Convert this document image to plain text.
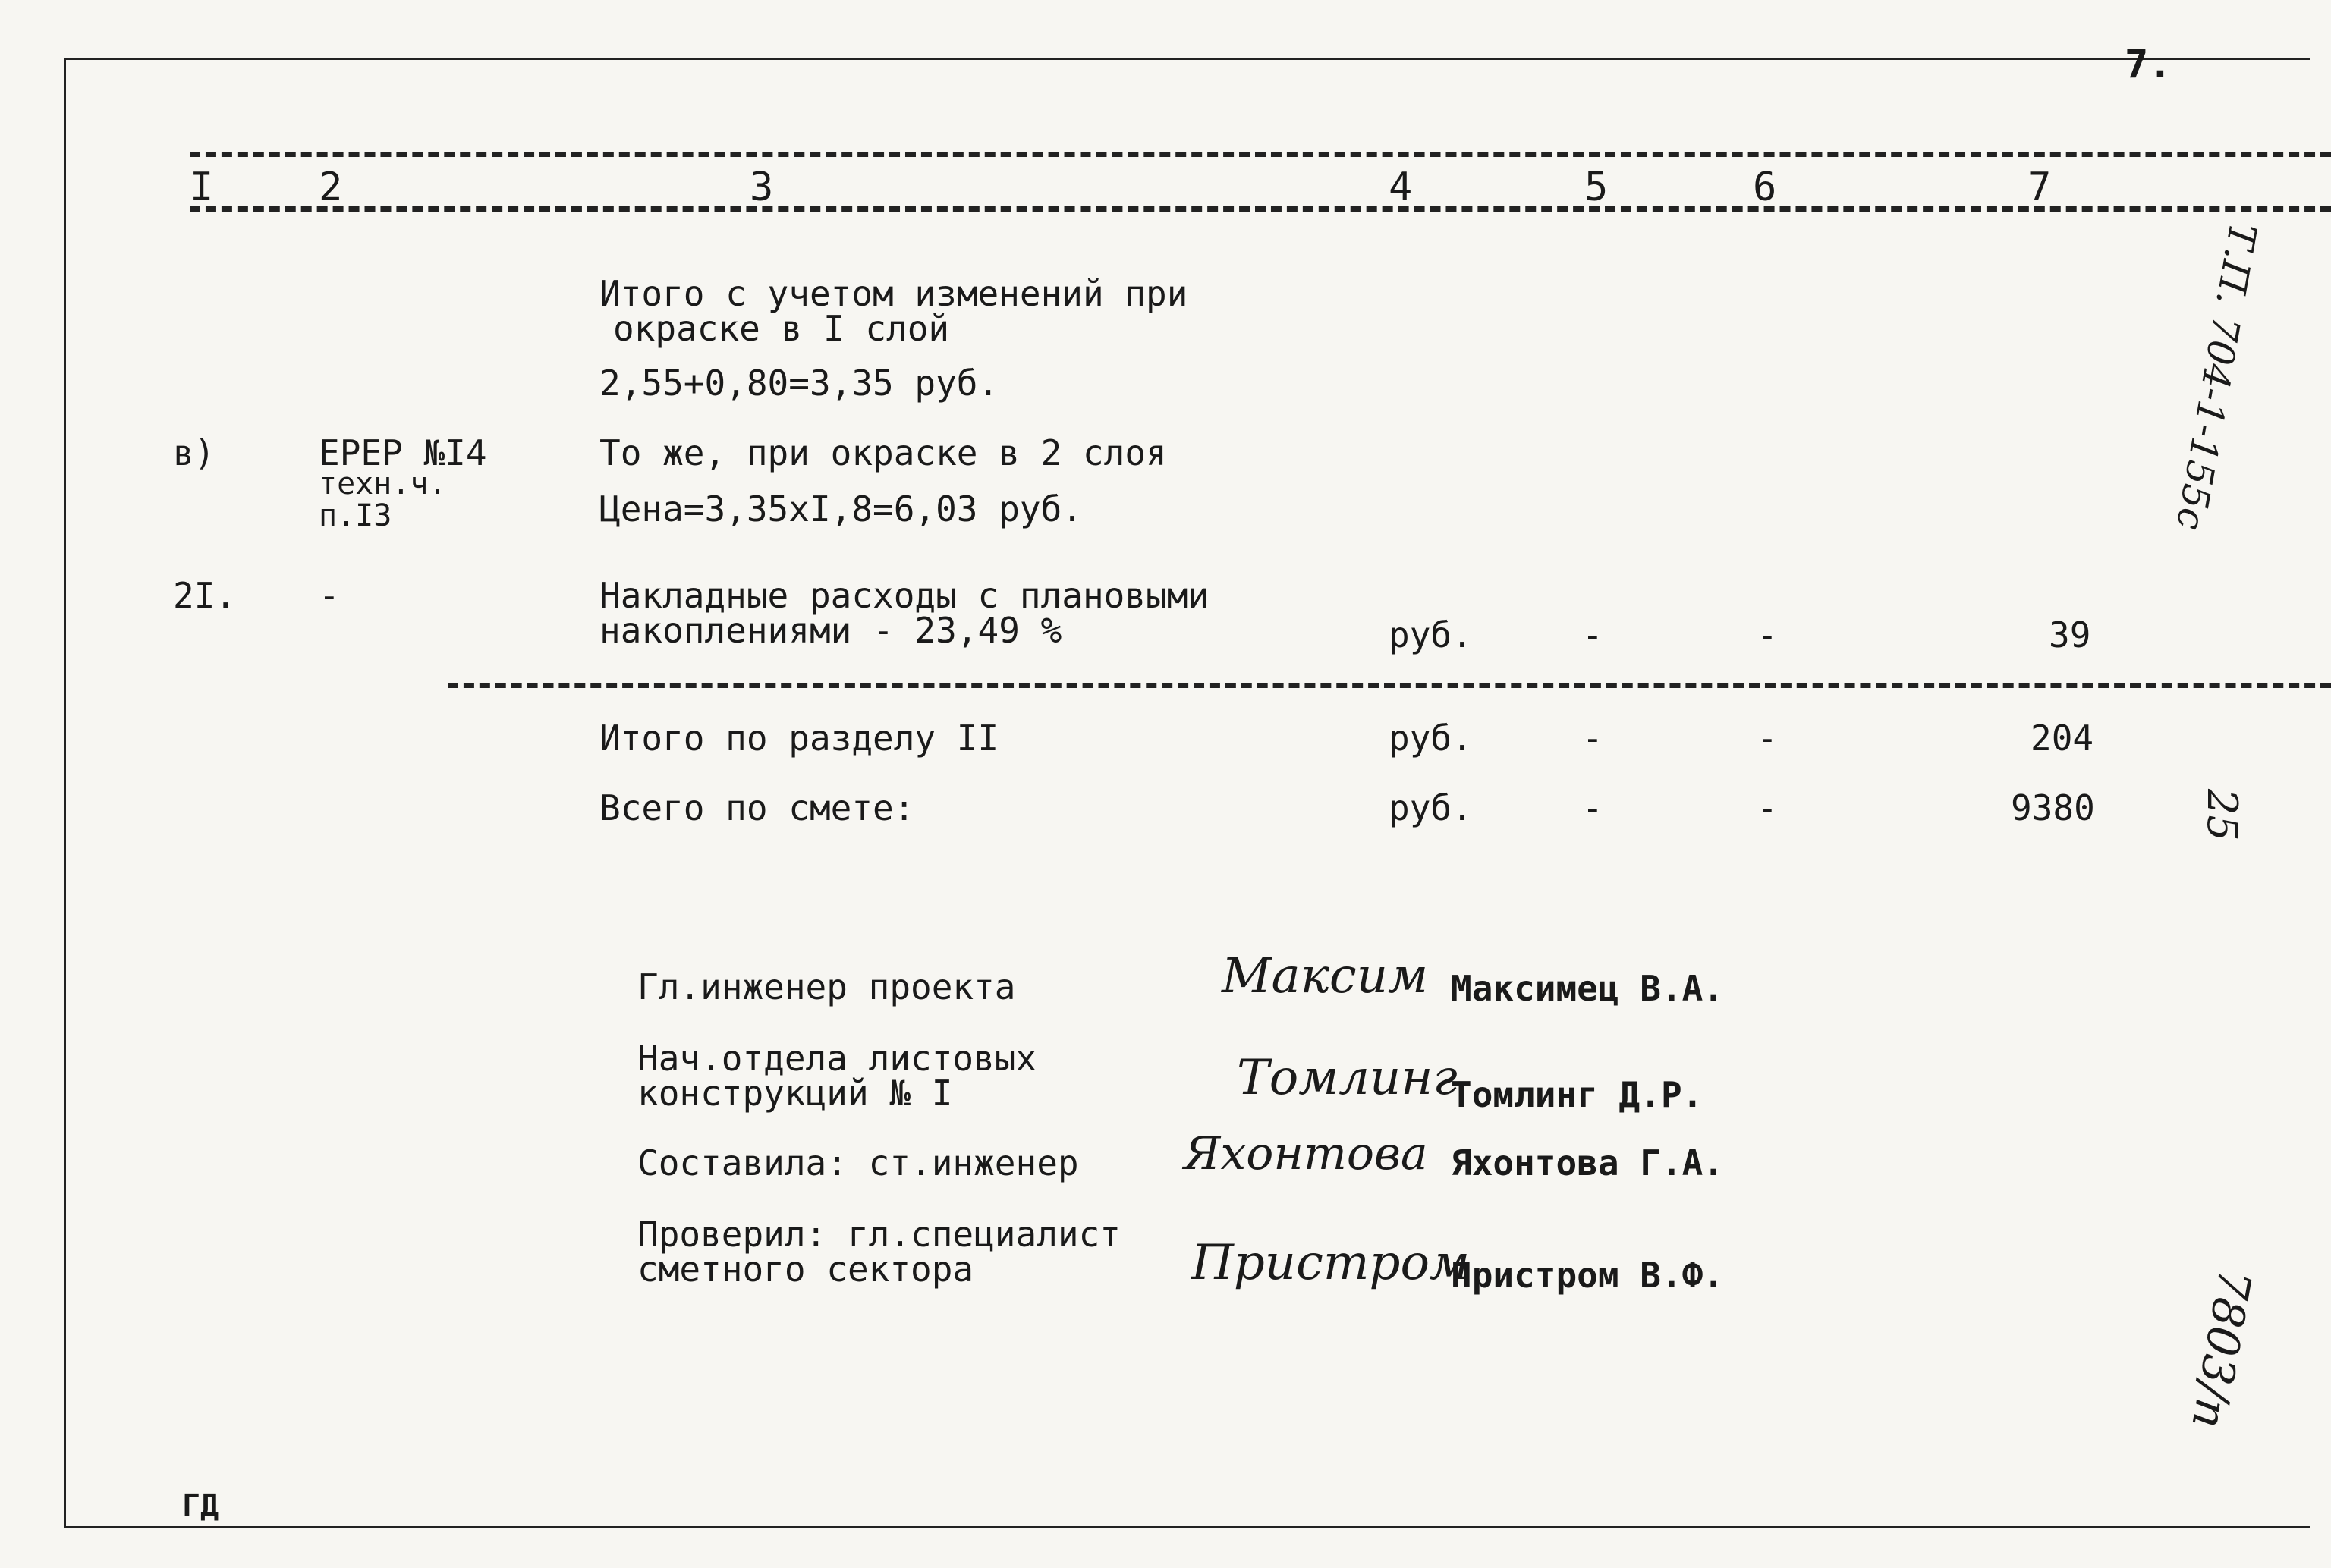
7.
I	2	3	4	5	6	7
Итого с учетом изменений при
окраске в I слой
2,55+0,80=3,35 руб.
в)	ЕРЕР №I4
техн.ч.
п.I3
То же, при окраске в 2 слоя
Цена=3,35xI,8=6,03 руб.
2I. -	Накладные расходы с плановыми
накоплениями - 23,49 %	руб.	-	-	39
Итого по разделу II	руб.	-	-	204
Всего по смете:	руб.	-	-	9380
Гл.инженер проекта	Максим Максимец В.А.
Нач.отдела листовых
конструкций № I	Томлинг
Томлинг Д.Р.
Составила: ст.инженер Яхонтова Яхонтова Г.А.
Проверил: гл.специалист
сметного сектора	Пристром
Пристром В.Ф.
Т.П. 704-1-155с
25
7803/п
ГД
